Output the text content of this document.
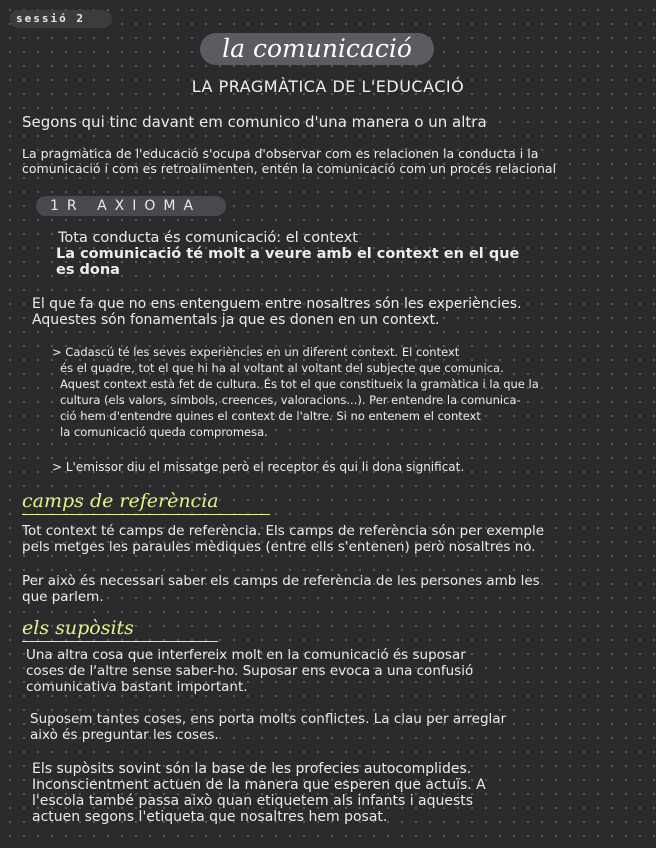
sessió 2
la comunicació
LA PRAGMÀTICA DE L'EDUCACIÓ
Segons qui tinc davant em comunico d'una manera o un altra
La pragmàtica de l'educació s'ocupa d'observar com es relacionen la conducta i la
comunicació i com es retroalimenten, entén la comunicació com un procés relacional
1R AXIOMA
Tota conducta és comunicació: el context
La comunicació té molt a veure amb el context en el que
es dona
El que fa que no ens entenguem entre nosaltres són les experiències.
Aquestes són fonamentals ja que es donen en un context.
> Cadascú té les seves experiències en un diferent context. El context
és el quadre, tot el que hi ha al voltant al voltant del subjecte que comunica.
Aquest context està fet de cultura. És tot el que constitueix la gramàtica i la que la
cultura (els valors, símbols, creences, valoracions...). Per entendre la comunica-
ció hem d'entendre quines el context de l'altre. Si no entenem el context
la comunicació queda compromesa.
> L'emissor diu el missatge però el receptor és qui li dona significat.
camps de referència
Tot context té camps de referència. Els camps de referència són per exemple
pels metges les paraules mèdiques (entre ells s'entenen) però nosaltres no.
Per això és necessari saber els camps de referència de les persones amb les
que parlem.
els supòsits
Una altra cosa que interfereix molt en la comunicació és suposar
coses de l'altre sense saber-ho. Suposar ens evoca a una confusió
comunicativa bastant important.
Suposem tantes coses, ens porta molts conflictes. La clau per arreglar
això és preguntar les coses.
Els supòsits sovint són la base de les profecies autocomplides.
Inconscientment actuen de la manera que esperen que actuïs. A
l'escola també passa això quan etiquetem als infants i aquests
actuen segons l'etiqueta que nosaltres hem posat.
